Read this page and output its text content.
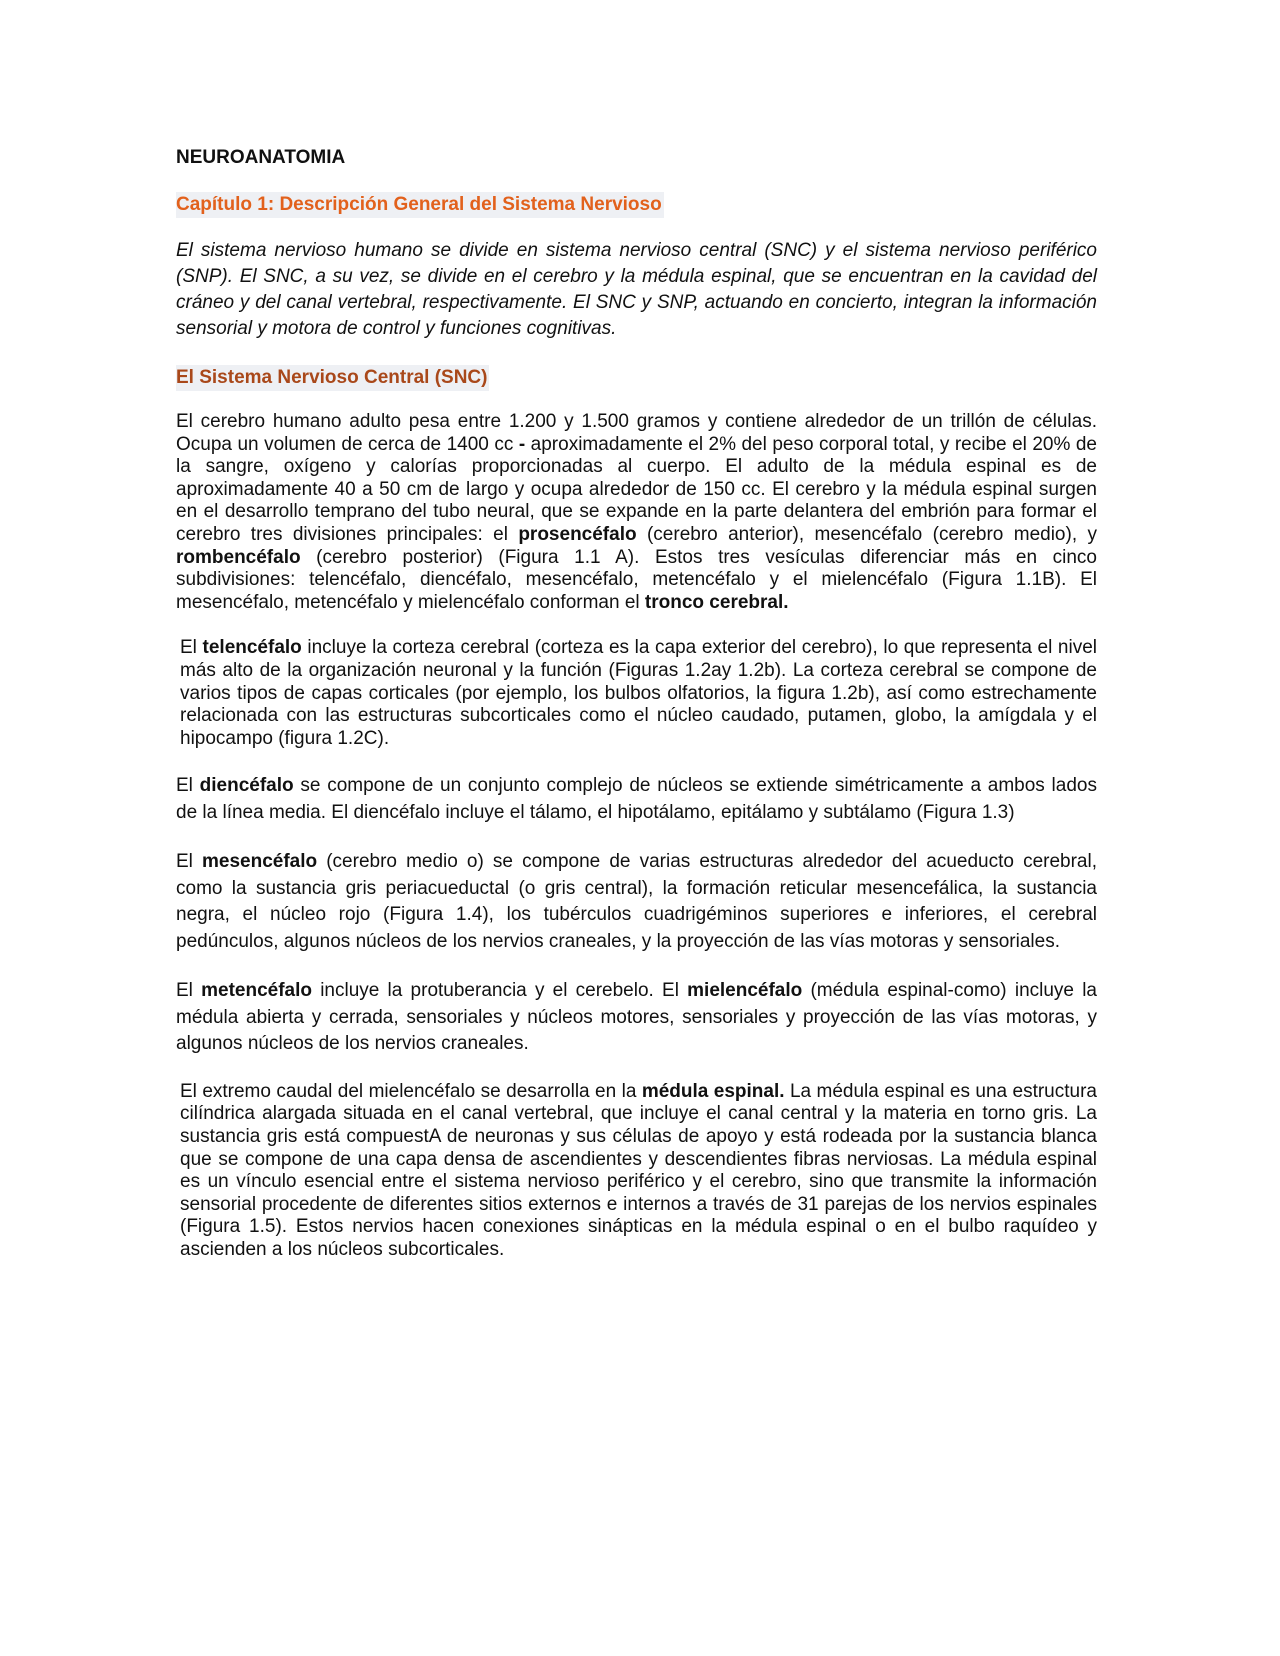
NEUROANATOMIA
Capítulo 1: Descripción General del Sistema Nervioso

El sistema nervioso humano se divide en sistema nervioso central (SNC) y el sistema nervioso periférico (SNP). El SNC, a su vez, se divide en el cerebro y la médula espinal, que se encuentran en la cavidad del cráneo y del canal vertebral, respectivamente. El SNC y SNP, actuando en concierto, integran la información sensorial y motora de control y funciones cognitivas.

El Sistema Nervioso Central (SNC)

El cerebro humano adulto pesa entre 1.200 y 1.500 gramos y contiene alrededor de un trillón de células. Ocupa un volumen de cerca de 1400 cc - aproximadamente el 2% del peso corporal total, y recibe el 20% de la sangre, oxígeno y calorías proporcionadas al cuerpo. El adulto de la médula espinal es de aproximadamente 40 a 50 cm de largo y ocupa alrededor de 150 cc. El cerebro y la médula espinal surgen en el desarrollo temprano del tubo neural, que se expande en la parte delantera del embrión para formar el cerebro tres divisiones principales: el prosencéfalo (cerebro anterior), mesencéfalo (cerebro medio), y rombencéfalo (cerebro posterior) (Figura 1.1 A). Estos tres vesículas diferenciar más en cinco subdivisiones: telencéfalo, diencéfalo, mesencéfalo, metencéfalo y el mielencéfalo (Figura 1.1B). El mesencéfalo, metencéfalo y mielencéfalo conforman el tronco cerebral.

El telencéfalo incluye la corteza cerebral (corteza es la capa exterior del cerebro), lo que representa el nivel más alto de la organización neuronal y la función (Figuras 1.2ay 1.2b). La corteza cerebral se compone de varios tipos de capas corticales (por ejemplo, los bulbos olfatorios, la figura 1.2b), así como estrechamente relacionada con las estructuras subcorticales como el núcleo caudado, putamen, globo, la amígdala y el hipocampo (figura 1.2C).

El diencéfalo se compone de un conjunto complejo de núcleos se extiende simétricamente a ambos lados de la línea media. El diencéfalo incluye el tálamo, el hipotálamo, epitálamo y subtálamo (Figura 1.3)

El mesencéfalo (cerebro medio o) se compone de varias estructuras alrededor del acueducto cerebral, como la sustancia gris periacueductal (o gris central), la formación reticular mesencefálica, la sustancia negra, el núcleo rojo (Figura 1.4), los tubérculos cuadrigéminos superiores e inferiores, el cerebral pedúnculos, algunos núcleos de los nervios craneales, y la proyección de las vías motoras y sensoriales.

El metencéfalo incluye la protuberancia y el cerebelo. El mielencéfalo (médula espinal-como) incluye la médula abierta y cerrada, sensoriales y núcleos motores, sensoriales y proyección de las vías motoras, y algunos núcleos de los nervios craneales.

El extremo caudal del mielencéfalo se desarrolla en la médula espinal. La médula espinal es una estructura cilíndrica alargada situada en el canal vertebral, que incluye el canal central y la materia en torno gris. La sustancia gris está compuestA de neuronas y sus células de apoyo y está rodeada por la sustancia blanca que se compone de una capa densa de ascendientes y descendientes fibras nerviosas. La médula espinal es un vínculo esencial entre el sistema nervioso periférico y el cerebro, sino que transmite la información sensorial procedente de diferentes sitios externos e internos a través de 31 parejas de los nervios espinales (Figura 1.5). Estos nervios hacen conexiones sinápticas en la médula espinal o en el bulbo raquídeo y ascienden a los núcleos subcorticales.
